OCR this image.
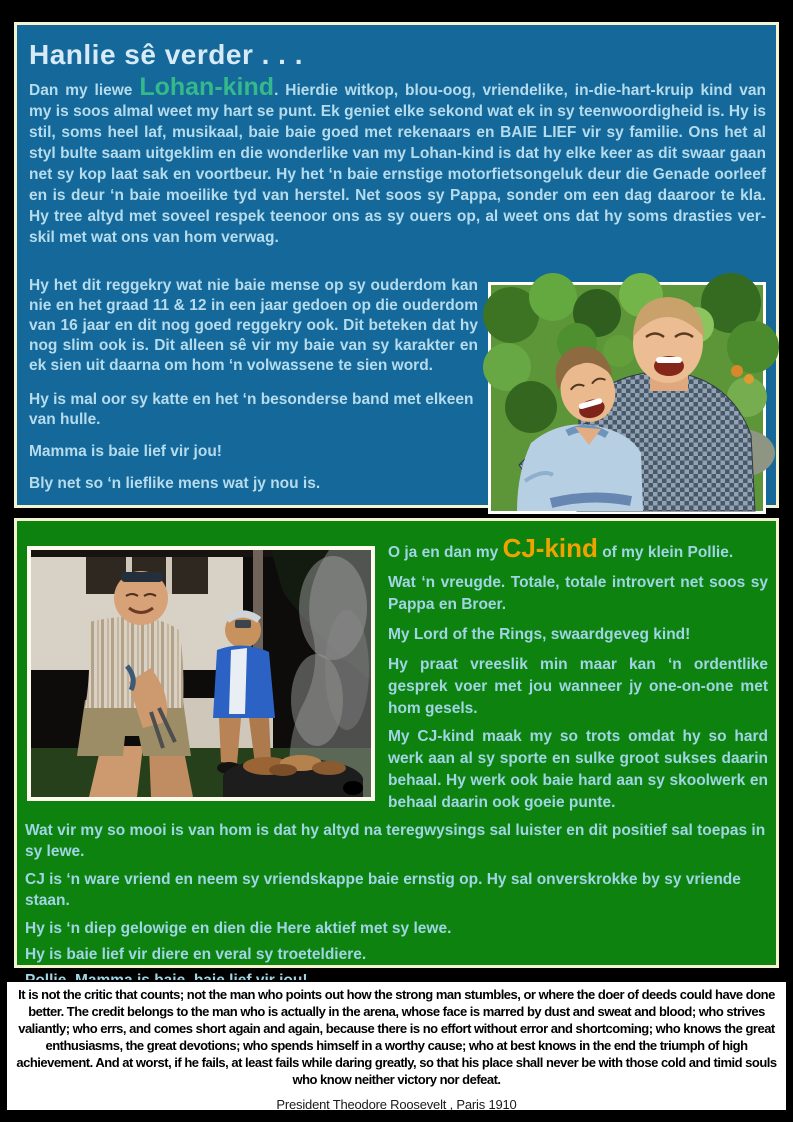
Hanlie sê verder . . .

Dan my liewe Lohan-kind. Hierdie witkop, blou-oog, vriendelike, in-die-hart-kruip kind van my is soos almal weet my hart se punt. Ek geniet elke sekond wat ek in sy teenwoordigheid is. Hy is stil, soms heel laf, musikaal, baie baie goed met rekenaars en BAIE LIEF vir sy familie. Ons het al styl bulte saam uitgeklim en die wonderlike van my Lohan-kind is dat hy elke keer as dit swaar gaan net sy kop laat sak en voortbeur. Hy het ‘n baie ernstige motorfietsongeluk deur die Genade oorleef en is deur ‘n baie moeilike tyd van herstel. Net soos sy Pappa, sonder om een dag daaroor te kla. Hy tree altyd met soveel respek teenoor ons as sy ouers op, al weet ons dat hy soms drasties ver-skil met wat ons van hom verwag.

Hy het dit reggekry wat nie baie mense op sy ouderdom kan nie en het graad 11 & 12 in een jaar gedoen op die ouderdom van 16 jaar en dit nog goed reggekry ook. Dit beteken dat hy nog slim ook is. Dit alleen sê vir my baie van sy karakter en ek sien uit daarna om hom ‘n volwassene te sien word.

Hy is mal oor sy katte en het ‘n besonderse band met elkeen van hulle.

Mamma is baie lief vir jou!

Bly net so ‘n lieflike mens wat jy nou is.

O ja en dan my CJ-kind of my klein Pollie.

Wat ‘n vreugde. Totale, totale introvert net soos sy Pappa en Broer.

My Lord of the Rings, swaardgeveg kind!

Hy praat vreeslik min maar kan ‘n ordentlike gesprek voer met jou wanneer jy one-on-one met hom gesels.

My CJ-kind maak my so trots omdat hy so hard werk aan al sy sporte en sulke groot sukses daarin behaal. Hy werk ook baie hard aan sy skoolwerk en behaal daarin ook goeie punte.

Wat vir my so mooi is van hom is dat hy altyd na teregwysings sal luister en dit positief sal toepas in sy lewe.

CJ is ‘n ware vriend en neem sy vriendskappe baie ernstig op. Hy sal onverskrokke by sy vriende staan.

Hy is ‘n diep gelowige en dien die Here aktief met sy lewe.

Hy is baie lief vir diere en veral sy troeteldiere.

It is not the critic that counts; not the man who points out how the strong man stumbles, or where the doer of deeds could have done better. The credit belongs to the man who is actually in the arena, whose face is marred by dust and sweat and blood; who strives valiantly; who errs, and comes short again and again, because there is no effort without error and shortcoming; who knows the great enthusiasms, the great devotions; who spends himself in a worthy cause; who at best knows in the end the triumph of high achievement. And at worst, if he fails, at least fails while daring greatly, so that his place shall never be with those cold and timid souls who know neither victory nor defeat.

President Theodore Roosevelt , Paris 1910
